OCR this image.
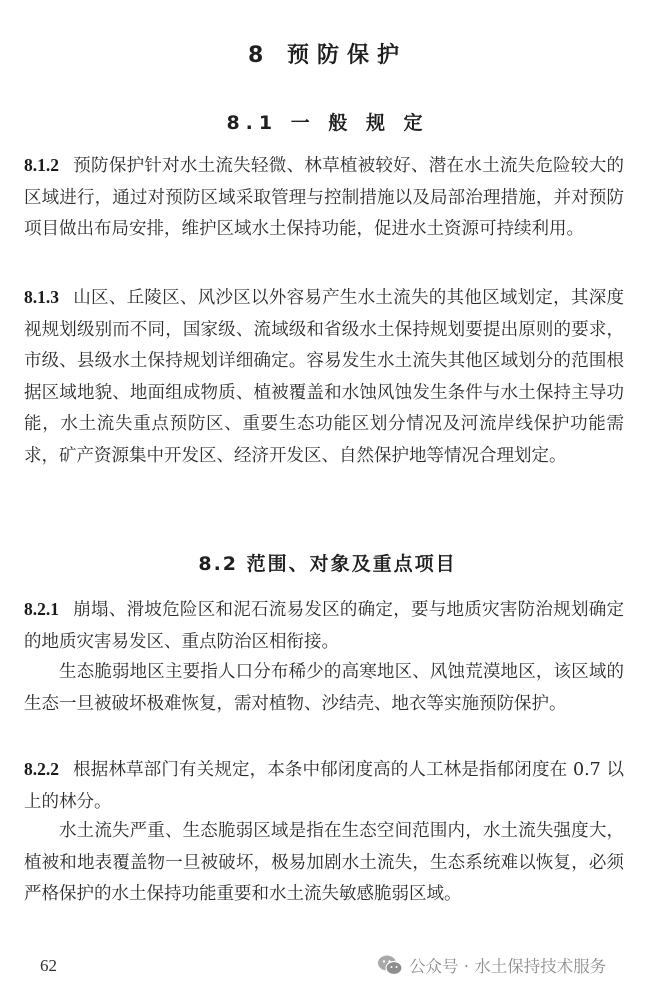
8 预防保护
8.1 一 般 规 定
8.1.2 预防保护针对水土流失轻微、林草植被较好、潜在水土流失危险较大的区域进行，通过对预防区域采取管理与控制措施以及局部治理措施，并对预防项目做出布局安排，维护区域水土保持功能，促进水土资源可持续利用。
8.1.3 山区、丘陵区、风沙区以外容易产生水土流失的其他区域划定，其深度视规划级别而不同，国家级、流域级和省级水土保持规划要提出原则的要求，市级、县级水土保持规划详细确定。容易发生水土流失其他区域划分的范围根据区域地貌、地面组成物质、植被覆盖和水蚀风蚀发生条件与水土保持主导功能，水土流失重点预防区、重要生态功能区划分情况及河流岸线保护功能需求，矿产资源集中开发区、经济开发区、自然保护地等情况合理划定。
8.2 范围、对象及重点项目
8.2.1 崩塌、滑坡危险区和泥石流易发区的确定，要与地质灾害防治规划确定的地质灾害易发区、重点防治区相衔接。
生态脆弱地区主要指人口分布稀少的高寒地区、风蚀荒漠地区，该区域的生态一旦被破坏极难恢复，需对植物、沙结壳、地衣等实施预防保护。
8.2.2 根据林草部门有关规定，本条中郁闭度高的人工林是指郁闭度在 0.7 以上的林分。
水土流失严重、生态脆弱区域是指在生态空间范围内，水土流失强度大，植被和地表覆盖物一旦被破坏，极易加剧水土流失，生态系统难以恢复，必须严格保护的水土保持功能重要和水土流失敏感脆弱区域。
62	公众号 · 水土保持技术服务
